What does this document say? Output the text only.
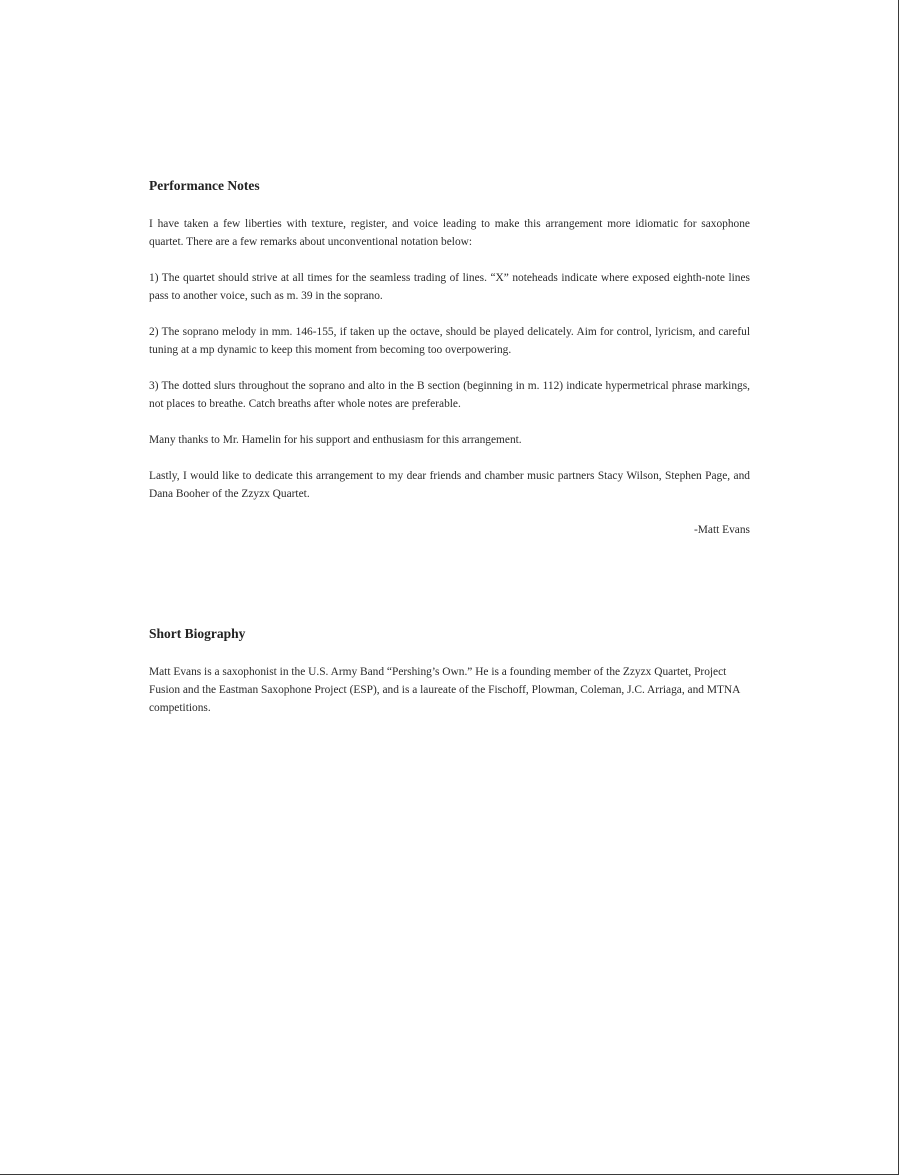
Performance Notes

I have taken a few liberties with texture, register, and voice leading to make this arrangement more idiomatic for saxophone quartet. There are a few remarks about unconventional notation below:

1) The quartet should strive at all times for the seamless trading of lines. “X” noteheads indicate where exposed eighth-note lines pass to another voice, such as m. 39 in the soprano.

2) The soprano melody in mm. 146-155, if taken up the octave, should be played delicately. Aim for control, lyricism, and careful tuning at a mp dynamic to keep this moment from becoming too overpowering.

3) The dotted slurs throughout the soprano and alto in the B section (beginning in m. 112) indicate hypermetrical phrase markings, not places to breathe. Catch breaths after whole notes are preferable.

Many thanks to Mr. Hamelin for his support and enthusiasm for this arrangement.

Lastly, I would like to dedicate this arrangement to my dear friends and chamber music partners Stacy Wilson, Stephen Page, and Dana Booher of the Zzyzx Quartet.

-Matt Evans

Short Biography

Matt Evans is a saxophonist in the U.S. Army Band “Pershing’s Own.” He is a founding member of the Zzyzx Quartet, Project Fusion and the Eastman Saxophone Project (ESP), and is a laureate of the Fischoff, Plowman, Coleman, J.C. Arriaga, and MTNA competitions.
